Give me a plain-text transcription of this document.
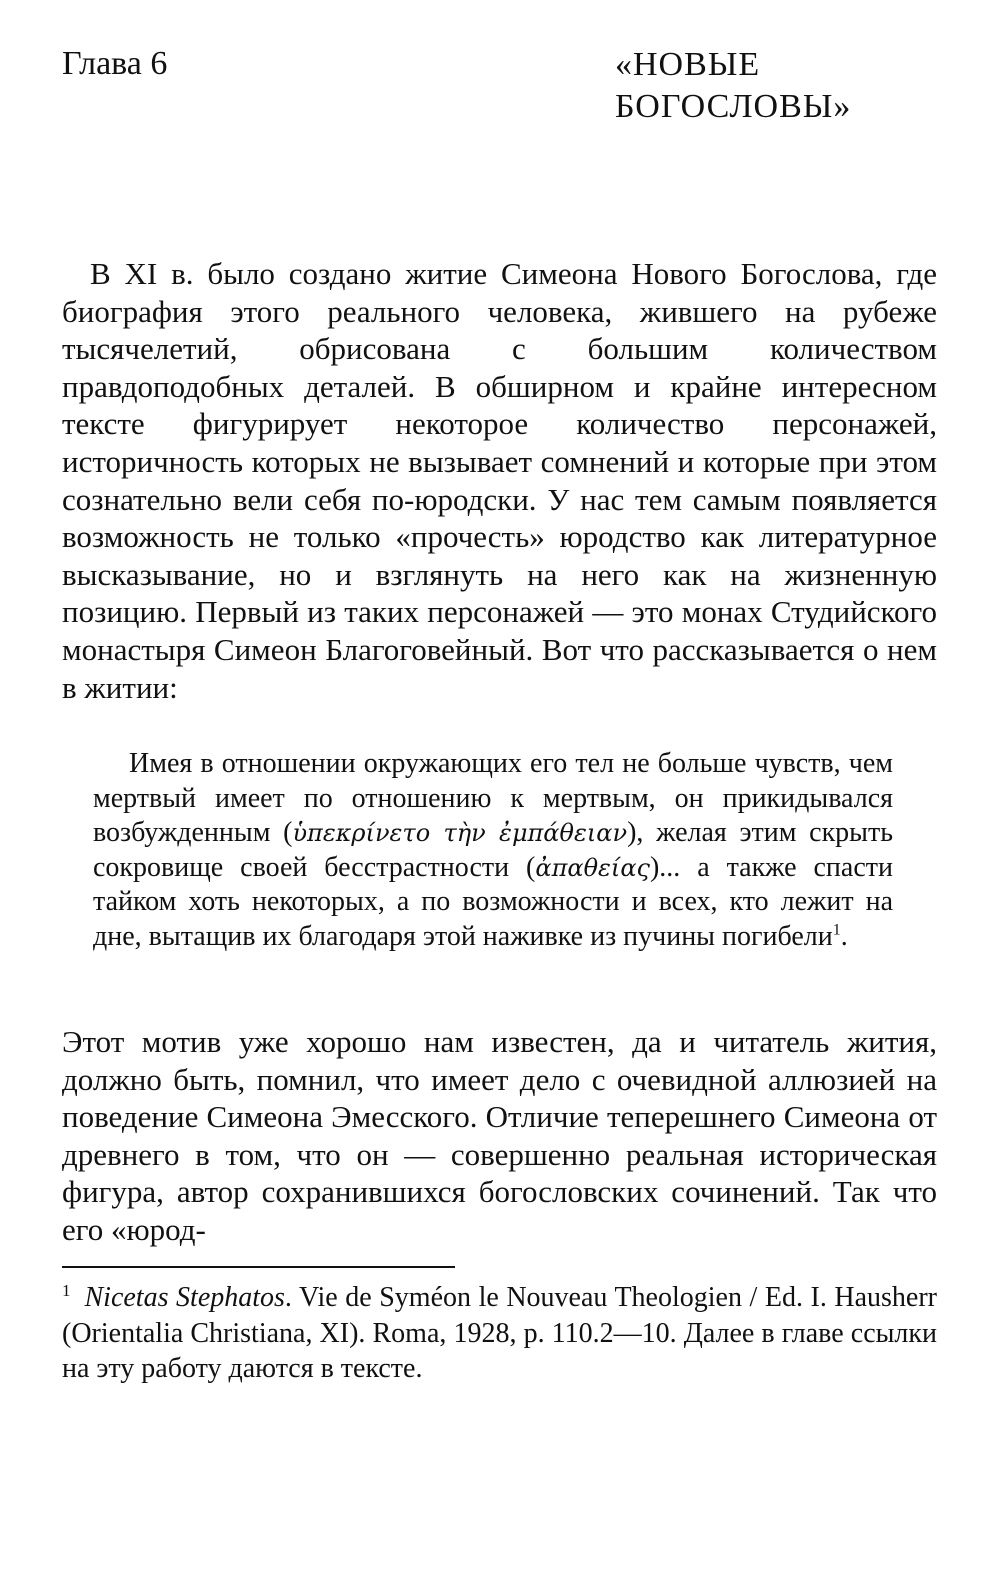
Глава 6	«НОВЫЕ
БОГОСЛОВЫ»

В XI в. было создано житие Симеона Нового Богослова, где биография этого реального человека, жившего на рубеже тысячелетий, обрисована с большим количеством правдоподобных деталей. В обширном и крайне интересном тексте фигурирует некоторое количество персонажей, историчность которых не вызывает сомнений и которые при этом сознательно вели себя по-юродски. У нас тем самым появляется возможность не только «прочесть» юродство как литературное высказывание, но и взглянуть на него как на жизненную позицию. Первый из таких персонажей — это монах Студийского монастыря Симеон Благоговейный. Вот что рассказывается о нем в житии:

Имея в отношении окружающих его тел не больше чувств, чем мертвый имеет по отношению к мертвым, он прикидывался возбужденным (ὑπεκρίνετο τὴν ἐμπάθειαν), желая этим скрыть сокровище своей бесстрастности (ἀπαθείας)... а также спасти тайком хоть некоторых, а по возможности и всех, кто лежит на дне, вытащив их благодаря этой наживке из пучины погибели$^1$.

Этот мотив уже хорошо нам известен, да и читатель жития, должно быть, помнил, что имеет дело с очевидной аллюзией на поведение Симеона Эмесского. Отличие теперешнего Симеона от древнего в том, что он — совершенно реальная историческая фигура, автор сохранившихся богословских сочинений. Так что его «юрод-

$^1$ Nicetas Stephatos. Vie de Syméon le Nouveau Theologien / Ed. I. Hausherr (Orientalia Christiana, XI). Roma, 1928, p. 110.2—10. Далее в главе ссылки на эту работу даются в тексте.
